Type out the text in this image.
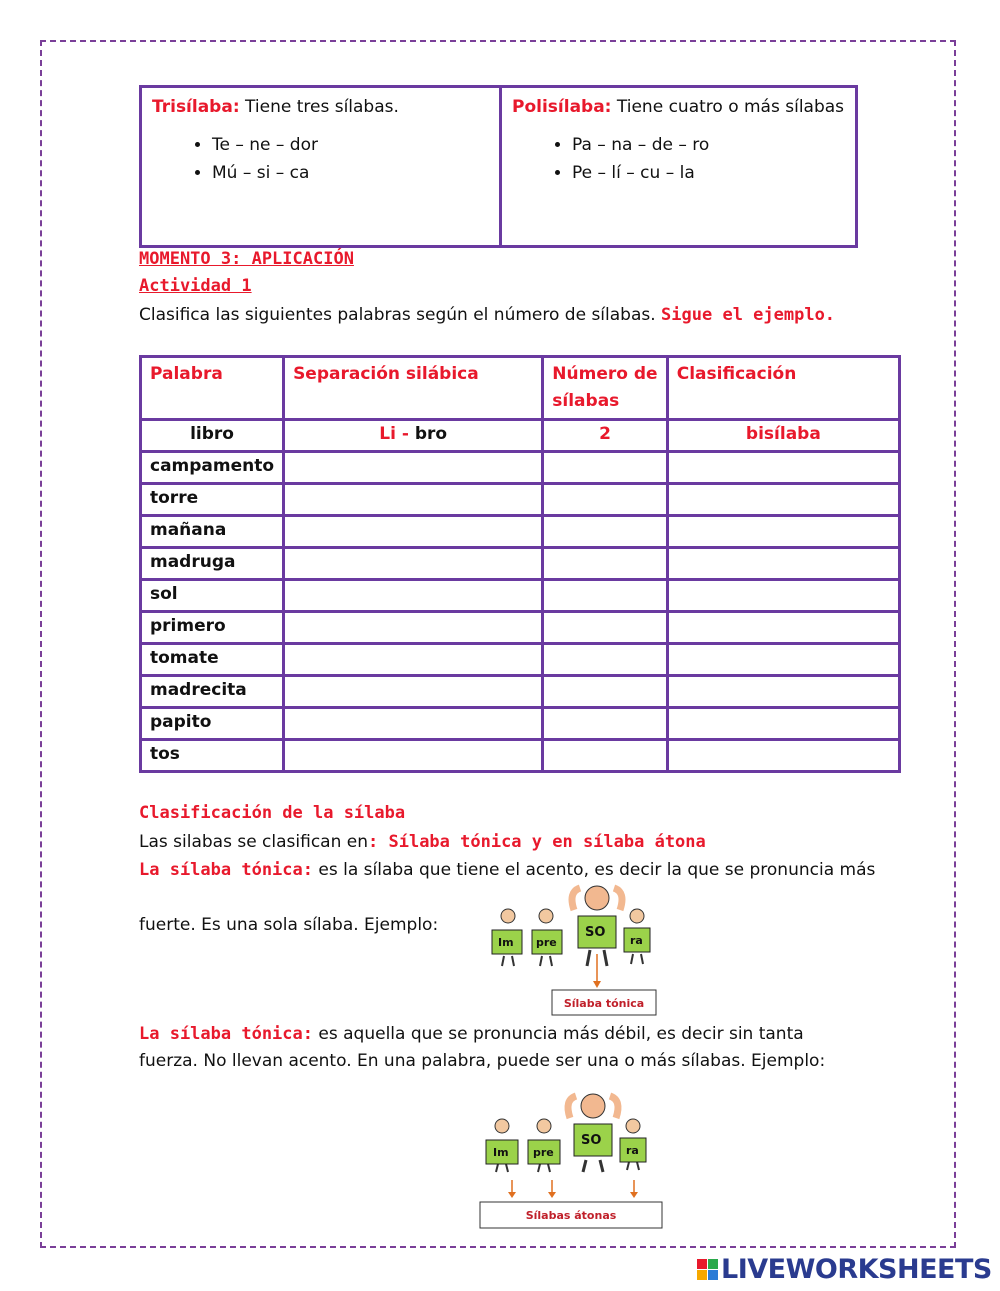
Trisílaba: Tiene tres sílabas.
• Te – ne – dor
• Mú – si – ca
Polisílaba: Tiene cuatro o más sílabas
• Pa – na – de – ro
• Pe – lí – cu – la
MOMENTO 3: APLICACIÓN
Actividad 1
Clasifica las siguientes palabras según el número de sílabas. Sigue el ejemplo.
Palabra	Separación silábica	Número de sílabas	Clasificación
libro	Li - bro	2	bisílaba
campamento			
torre			
mañana			
madruga			
sol			
primero			
tomate			
madrecita			
papito			
tos			
Clasificación de la sílaba
Las silabas se clasifican en: Sílaba tónica y en sílaba átona
La sílaba tónica: es la sílaba que tiene el acento, es decir la que se pronuncia más
fuerte. Es una sola sílaba. Ejemplo:
Im pre
SO
ra
Sílaba tónica
La sílaba tónica: es aquella que se pronuncia más débil, es decir sin tanta
fuerza. No llevan acento. En una palabra, puede ser una o más sílabas. Ejemplo:
Im pre
SO
ra
Sílabas átonas
LIVEWORKSHEETS
